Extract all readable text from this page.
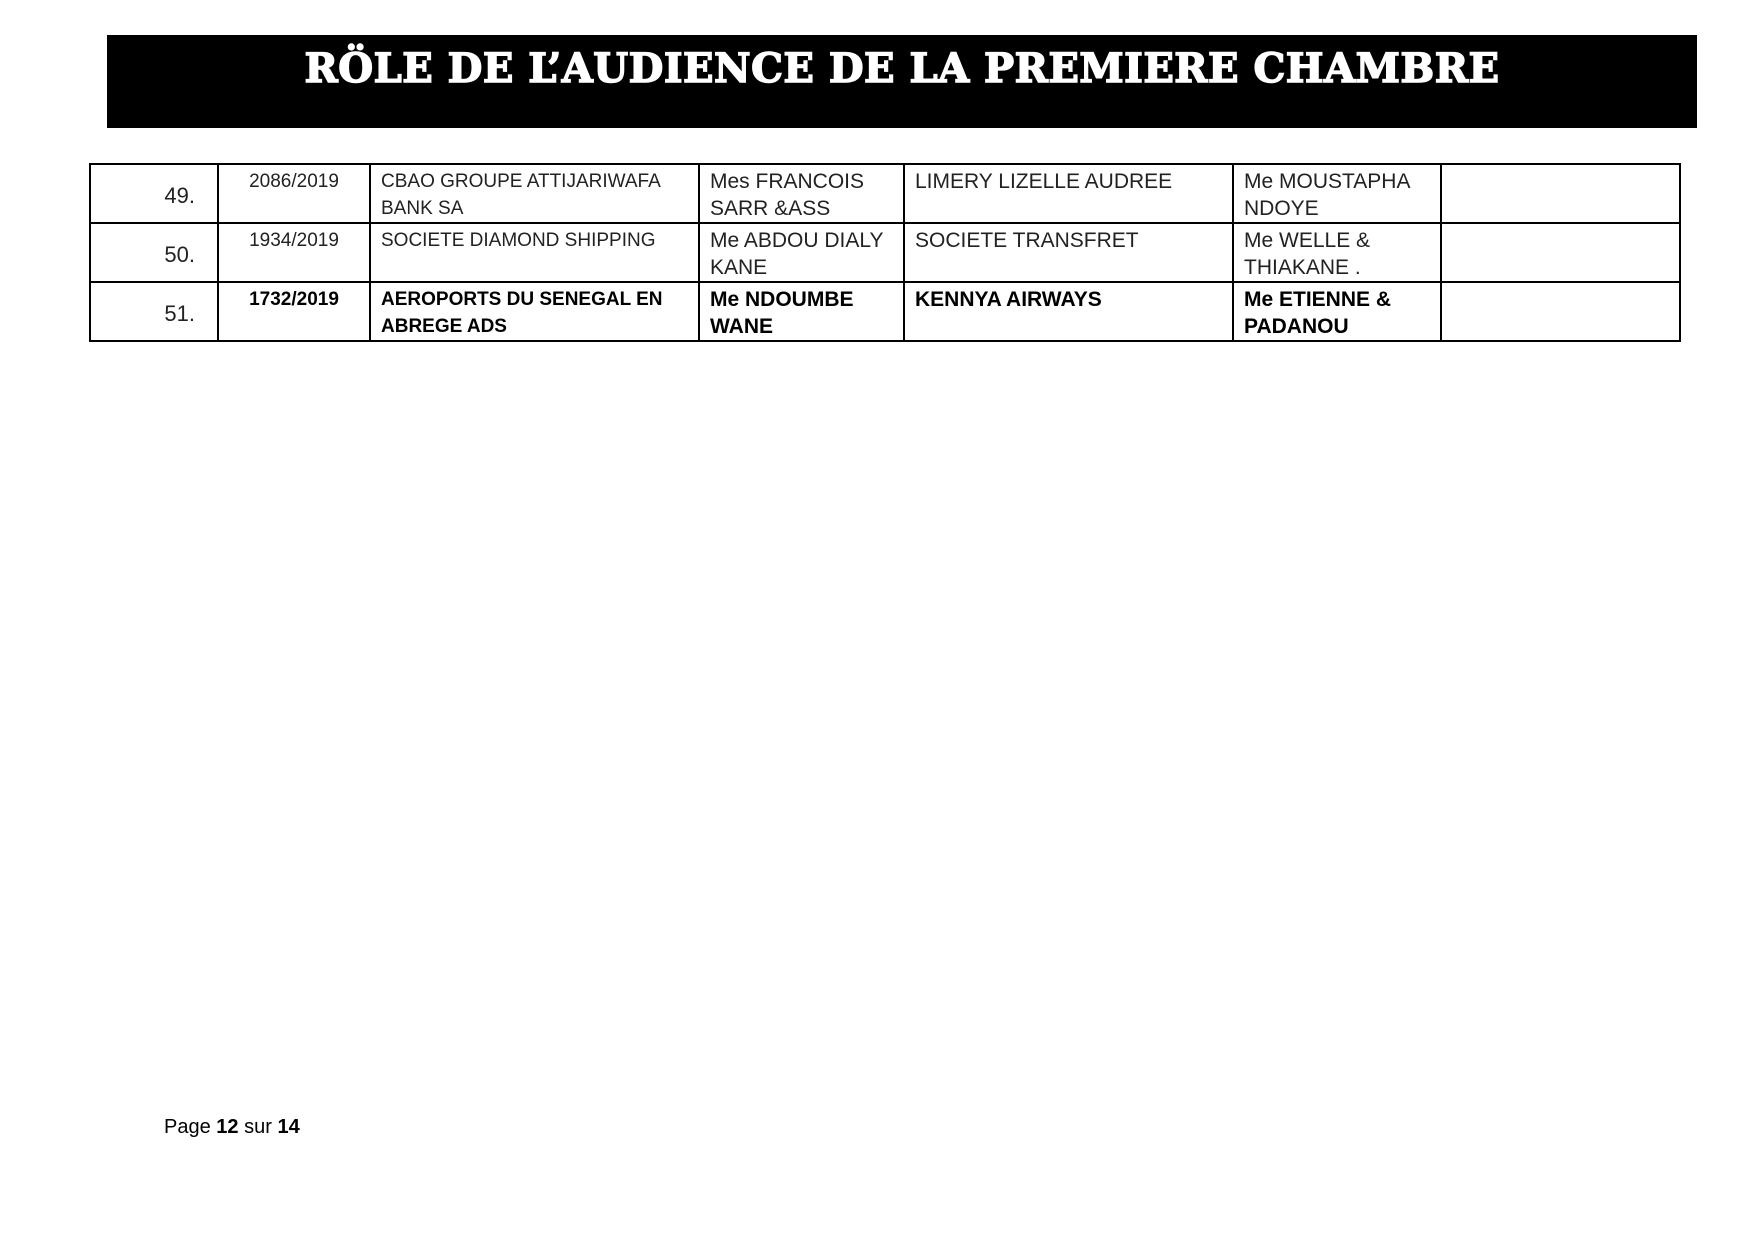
RÖLE DE L’AUDIENCE DE LA PREMIERE CHAMBRE
49.	2086/2019	CBAO GROUPE ATTIJARIWAFA BANK SA	Mes FRANCOIS SARR &ASS	LIMERY LIZELLE AUDREE	Me MOUSTAPHA NDOYE	
50.	1934/2019	SOCIETE DIAMOND SHIPPING	Me ABDOU DIALY KANE	SOCIETE TRANSFRET	Me WELLE & THIAKANE .	
51.	1732/2019	AEROPORTS DU SENEGAL EN ABREGE ADS	Me NDOUMBE WANE	KENNYA AIRWAYS	Me ETIENNE & PADANOU	
Page 12 sur 14
